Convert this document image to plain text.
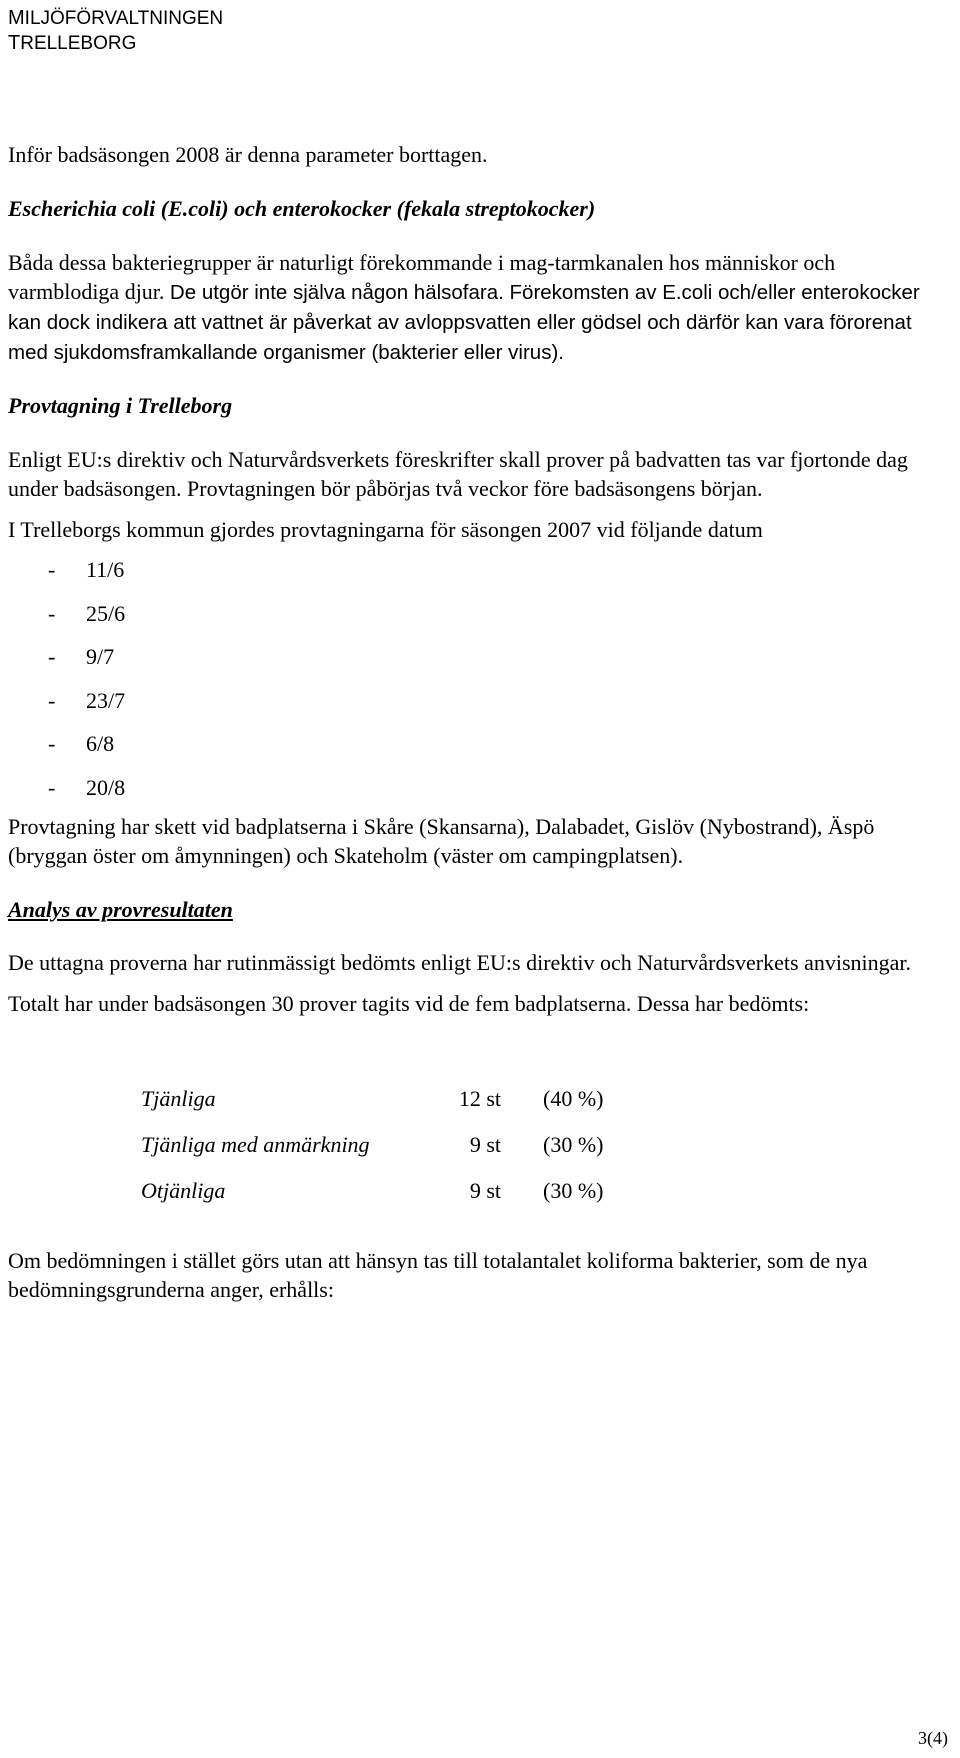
MILJÖFÖRVALTNINGEN
TRELLEBORG

Inför badsäsongen 2008 är denna parameter borttagen.

Escherichia coli (E.coli) och enterokocker (fekala streptokocker)

Båda dessa bakteriegrupper är naturligt förekommande i mag-tarmkanalen hos människor och varmblodiga djur. De utgör inte själva någon hälsofara. Förekomsten av E.coli och/eller enterokocker kan dock indikera att vattnet är påverkat av avloppsvatten eller gödsel och därför kan vara förorenat med sjukdomsframkallande organismer (bakterier eller virus).

Provtagning i Trelleborg

Enligt EU:s direktiv och Naturvårdsverkets föreskrifter skall prover på badvatten tas var fjortonde dag under badsäsongen. Provtagningen bör påbörjas två veckor före badsäsongens början.

I Trelleborgs kommun gjordes provtagningarna för säsongen 2007 vid följande datum

- 11/6
- 25/6
- 9/7
- 23/7
- 6/8
- 20/8

Provtagning har skett vid badplatserna i Skåre (Skansarna), Dalabadet, Gislöv (Nybostrand), Äspö (bryggan öster om åmynningen) och Skateholm (väster om campingplatsen).

Analys av provresultaten

De uttagna proverna har rutinmässigt bedömts enligt EU:s direktiv och Naturvårdsverkets anvisningar.

Totalt har under badsäsongen 30 prover tagits vid de fem badplatserna. Dessa har bedömts:

Tjänliga	12 st	(40 %)
Tjänliga med anmärkning	9 st	(30 %)
Otjänliga	9 st	(30 %)

Om bedömningen i stället görs utan att hänsyn tas till totalantalet koliforma bakterier, som de nya bedömningsgrunderna anger, erhålls:

3(4)
